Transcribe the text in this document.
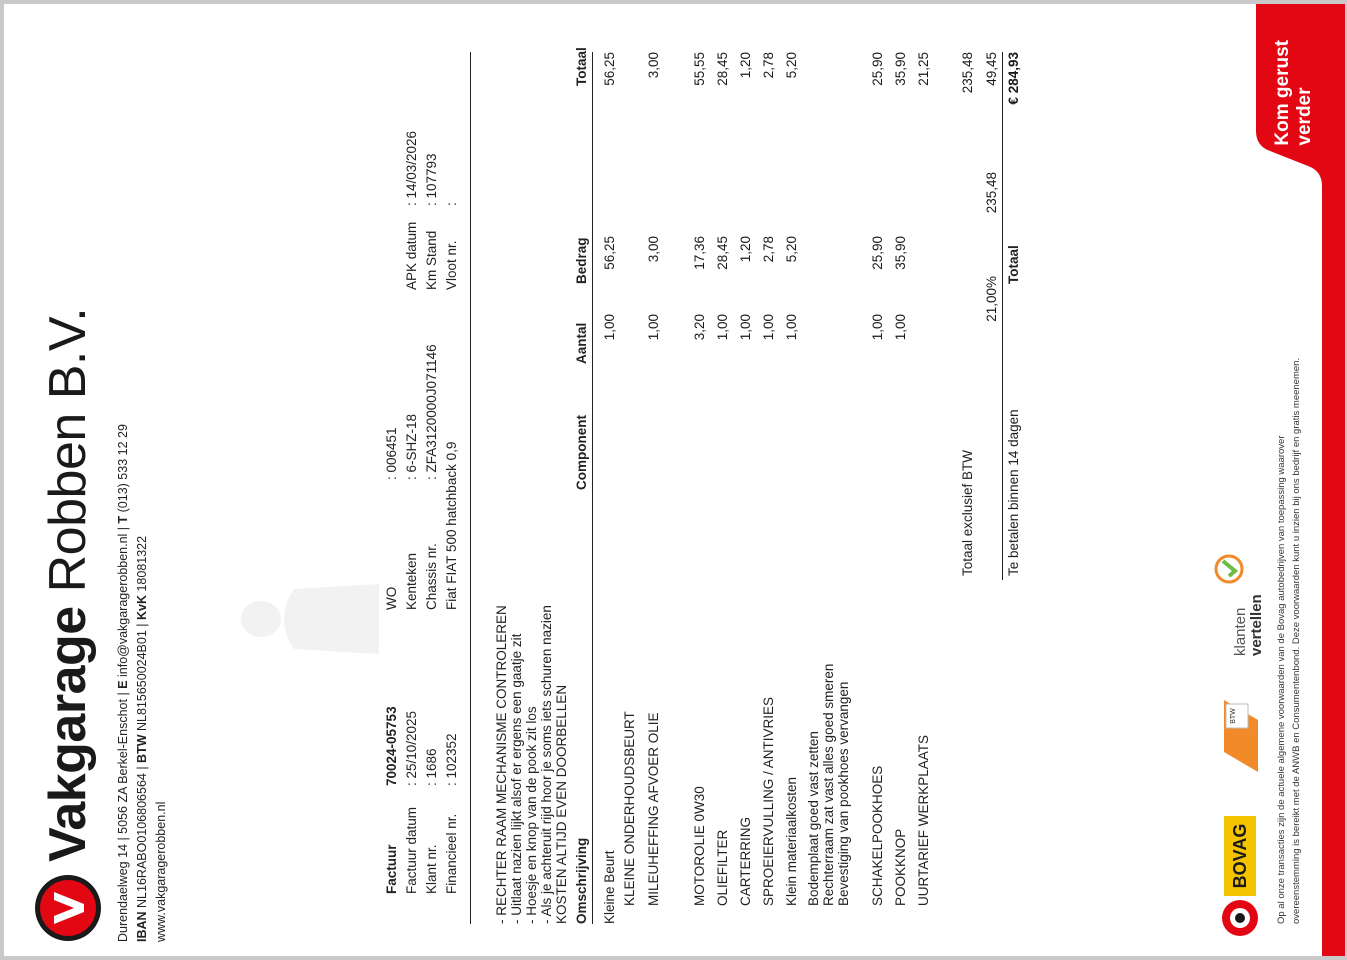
Vakgarage Robben B.V.
Durendaelweg 14 | 5056 ZA Berkel-Enschot | E info@vakgaragerobben.nl | T (013) 533 12 29
IBAN NL16RABO0106806564 | BTW NL815650024B01 | KvK 18081322
www.vakgaragerobben.nl	Factuur
70024-05753
Factuur datum
: 25/10/2025
Klant nr.
: 1686
Financieel nr.
: 102352
WO
: 006451
Kenteken
: 6-SHZ-18
Chassis nr.
: ZFA3120000J071146
Fiat FIAT 500 hatchback 0,9
APK datum
: 14/03/2026
Km Stand
: 107793
Vloot nr.
:
- RECHTER RAAM MECHANISME CONTROLEREN - Uitlaat nazien lijkt alsof er ergens een gaatje zit - Hoesje en knop van de pook zit los - Als je achteruit rijd hoor je soms iets schuren nazien KOSTEN ALTIJD EVEN DOORBELLEN Omschrijving
Component
Aantal
Bedrag
Totaal
Kleine Beurt
1,00
56,25
56,25
KLEINE ONDERHOUDSBEURT MILEUHEFFING AFVOER OLIE
1,00
3,00
3,00
MOTOROLIE 0W30
3,20
17,36
55,55
OLIEFILTER
1,00
28,45
28,45
CARTERRING
1,00
1,20
1,20
SPROEIERVULLING / ANTIVRIES
1,00
2,78
2,78
Klein materiaalkosten
1,00
5,20
5,20
Bodemplaat goed vast zetten Rechterraam zat vast alles goed smeren Bevestiging van pookhoes vervangen SCHAKELPOOKHOES
1,00
25,90
25,90
POOKKNOP
1,00
35,90
35,90
UURTARIEF WERKPLAATS
21,25
Totaal exclusief BTW
235,48
21,00%
235,48
49,45
Te betalen binnen 14 dagen
Totaal
€ 284,93
BOVAG
BTW
klanten vertellen Op al onze transacties zijn de actuele algemene voorwaarden van de Bovag autobedrijven van toepassing waarover overeenstemming is bereikt met de ANWB en Consumentenbond. Deze voorwaarden kunt u inzien bij ons bedrijf en gratis meenemen.
Kom gerust verder
